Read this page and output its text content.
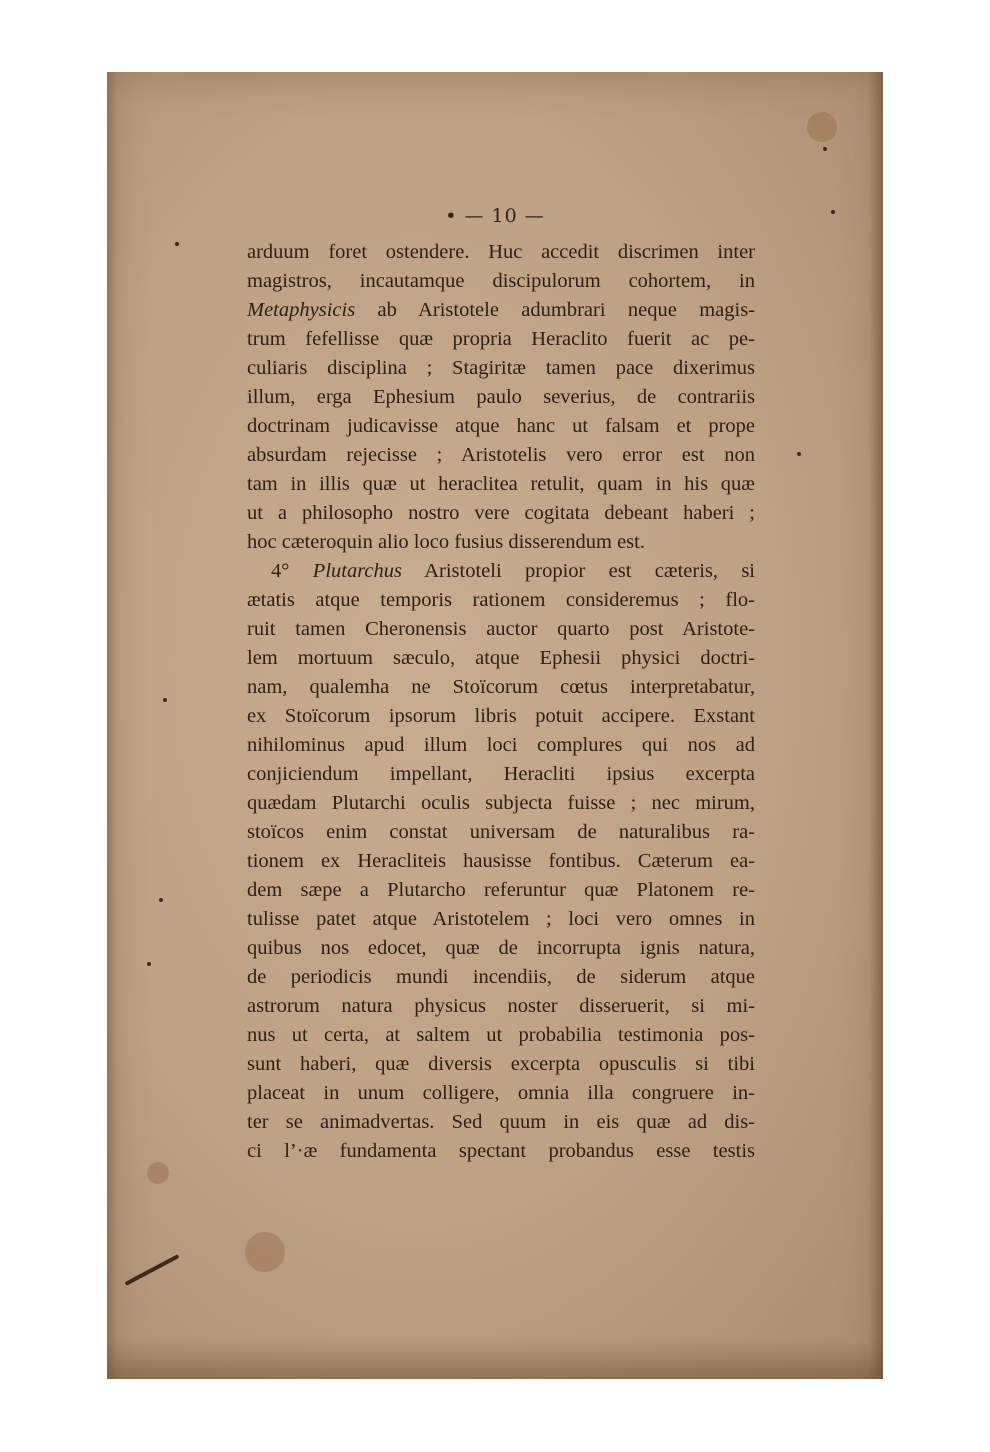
• — 10 —
arduum foret ostendere. Huc accedit discrimen inter
magistros, incautamque discipulorum cohortem, in
Metaphysicis ab Aristotele adumbrari neque magis-
trum fefellisse quæ propria Heraclito fuerit ac pe-
culiaris disciplina ; Stagiritæ tamen pace dixerimus
illum, erga Ephesium paulo severius, de contrariis
doctrinam judicavisse atque hanc ut falsam et prope
absurdam rejecisse ; Aristotelis vero error est non
tam in illis quæ ut heraclitea retulit, quam in his quæ
ut a philosopho nostro vere cogitata debeant haberi ;
hoc cæteroquin alio loco fusius disserendum est.
4° Plutarchus Aristoteli propior est cæteris, si
ætatis atque temporis rationem consideremus ; flo-
ruit tamen Cheronensis auctor quarto post Aristote-
lem mortuum sæculo, atque Ephesii physici doctri-
nam, qualemha ne Stoïcorum cœtus interpretabatur,
ex Stoïcorum ipsorum libris potuit accipere. Exstant
nihilominus apud illum loci complures qui nos ad
conjiciendum impellant, Heracliti ipsius excerpta
quædam Plutarchi oculis subjecta fuisse ; nec mirum,
stoïcos enim constat universam de naturalibus ra-
tionem ex Heracliteis hausisse fontibus. Cæterum ea-
dem sæpe a Plutarcho referuntur quæ Platonem re-
tulisse patet atque Aristotelem ; loci vero omnes in
quibus nos edocet, quæ de incorrupta ignis natura,
de periodicis mundi incendiis, de siderum atque
astrorum natura physicus noster disseruerit, si mi-
nus ut certa, at saltem ut probabilia testimonia pos-
sunt haberi, quæ diversis excerpta opusculis si tibi
placeat in unum colligere, omnia illa congruere in-
ter se animadvertas. Sed quum in eis quæ ad dis-
ci l’·æ fundamenta spectant probandus esse testis
